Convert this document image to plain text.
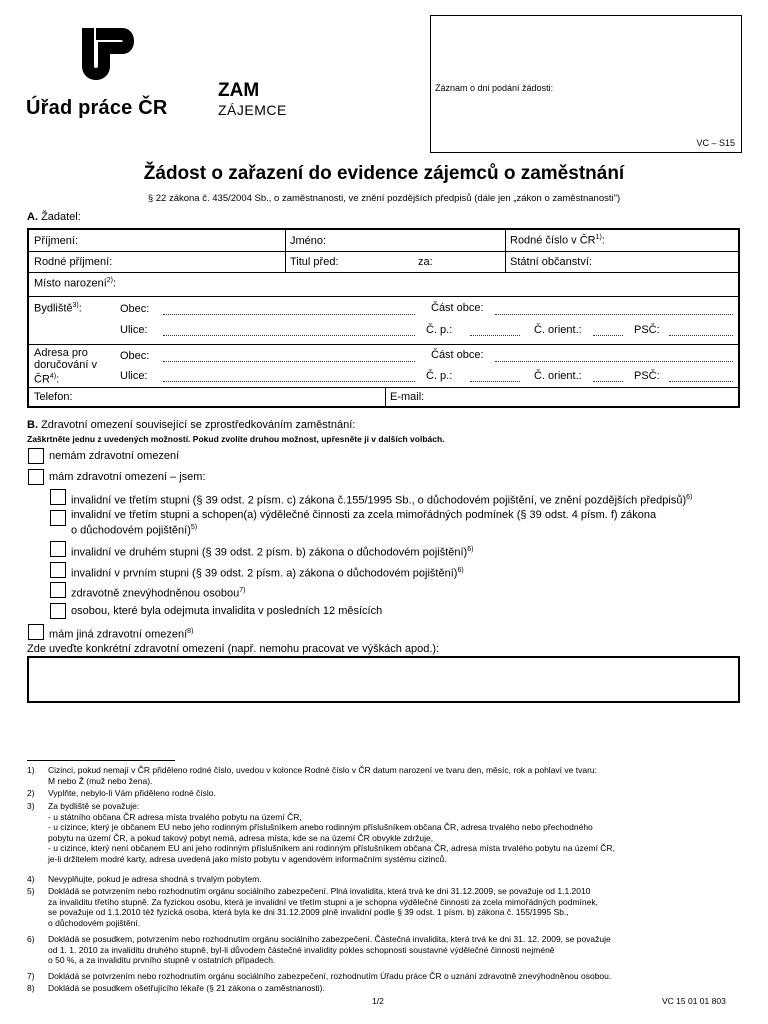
Úřad práce ČR
ZAM
ZÁJEMCE
Záznam o dni podání žádosti:
VC – S15
Žádost o zařazení do evidence zájemců o zaměstnání
§ 22 zákona č. 435/2004 Sb., o zaměstnanosti, ve znění pozdějších předpisů (dále jen „zákon o zaměstnanosti")
A. Žadatel:
Příjmení:	Jméno:	Rodné číslo v ČR$^{1)}$:
Rodné příjmení:	Titul před:	za:	Státní občanství:
Místo narození$^{2)}$:
Bydliště$^{3)}$:	Obec:	Část obce:
Ulice:	Č. p.:	Č. orient.:	PSČ:
Adresa pro doručování v ČR$^{4)}$:
Obec:	Část obce:
Ulice:	Č. p.:	Č. orient.:	PSČ:
Telefon:	E-mail:
B. Zdravotní omezení související se zprostředkováním zaměstnání:
Zaškrtněte jednu z uvedených možností. Pokud zvolíte druhou možnost, upřesněte ji v dalších volbách.
nemám zdravotní omezení
mám zdravotní omezení – jsem:
invalidní ve třetím stupni (§ 39 odst. 2 písm. c) zákona č.155/1995 Sb., o důchodovém pojištění, ve znění pozdějších předpisů)$^{6)}$
invalidní ve třetím stupni a schopen(a) výdělečné činnosti za zcela mimořádných podmínek (§ 39 odst. 4 písm. f) zákona
o důchodovém pojištění)$^{5)}$
invalidní ve druhém stupni (§ 39 odst. 2 písm. b) zákona o důchodovém pojištění)$^{6)}$
invalidní v prvním stupni (§ 39 odst. 2 písm. a) zákona o důchodovém pojištění)$^{6)}$
zdravotně znevýhodněnou osobou$^{7)}$
osobou, které byla odejmuta invalidita v posledních 12 měsících
mám jiná zdravotní omezení$^{8)}$
Zde uveďte konkrétní zdravotní omezení (např. nemohu pracovat ve výškách apod.):
1)	Cizinci, pokud nemají v ČR přiděleno rodné číslo, uvedou v kolonce Rodné číslo v ČR datum narození ve tvaru den, měsíc, rok a pohlaví ve tvaru:
M nebo Ž (muž nebo žena).
2)	Vyplňte, nebylo-li Vám přiděleno rodné číslo.
3)	Za bydliště se považuje:
- u státního občana ČR adresa místa trvalého pobytu na území ČR,
- u cizince, který je občanem EU nebo jeho rodinným příslušníkem anebo rodinným příslušníkem občana ČR, adresa trvalého nebo přechodného
pobytu na území ČR, a pokud takový pobyt nemá, adresa místa, kde se na území ČR obvykle zdržuje,
- u cizince, který není občanem EU ani jeho rodinným příslušníkem ani rodinným příslušníkem občana ČR, adresa místa trvalého pobytu na území ČR,
je-li držitelem modré karty, adresa uvedená jako místo pobytu v agendovém informačním systému cizinců.
4)	Nevyplňujte, pokud je adresa shodná s trvalým pobytem.
5)	Dokládá se potvrzením nebo rozhodnutím orgánu sociálního zabezpečení. Plná invalidita, která trvá ke dni 31.12.2009, se považuje od 1.1.2010
za invaliditu třetího stupně. Za fyzickou osobu, která je invalidní ve třetím stupni a je schopna výdělečné činnosti za zcela mimořádných podmínek,
se považuje od 1.1.2010 též fyzická osoba, která byla ke dni 31.12.2009 plně invalidní podle § 39 odst. 1 písm. b) zákona č. 155/1995 Sb.,
o důchodovém pojištění.
6)	Dokládá se posudkem, potvrzením nebo rozhodnutím orgánu sociálního zabezpečení. Částečná invalidita, která trvá ke dni 31. 12. 2009, se považuje
od 1. 1. 2010 za invaliditu druhého stupně, byl-li důvodem částečné invalidity pokles schopnosti soustavné výdělečné činnosti nejméně
o 50 %, a za invaliditu prvního stupně v ostatních případech.
7)	Dokládá se potvrzením nebo rozhodnutím orgánu sociálního zabezpečení, rozhodnutím Úřadu práce ČR o uznání zdravotně znevýhodněnou osobou.
8)	Dokládá se posudkem ošetřujícího lékaře (§ 21 zákona o zaměstnanosti).
1/2	VC 15 01 01 803
